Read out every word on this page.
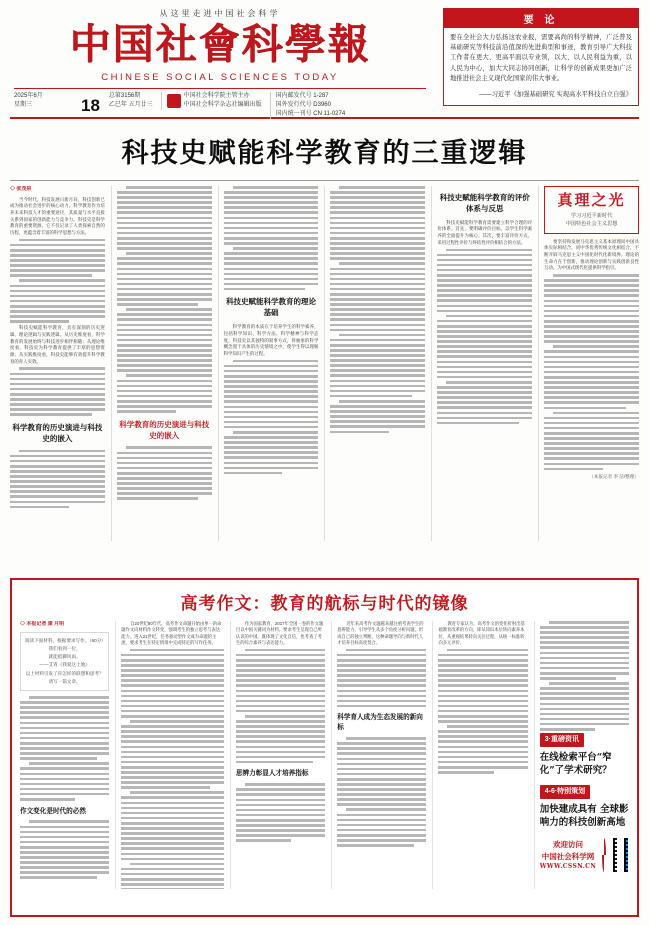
从这里走进中国社会科学
中国社會科學報
CHINESE SOCIAL SCIENCES TODAY
2025年6月
星期三	18	总第3156期
乙巳年 五月廿三
中国社会科学院主管主办
中国社会科学杂志社编辑出版
国内邮发代号 1-287
国外发行代号 D3960
国内统一刊号 CN 11-0274
要 论
要在全社会大力弘扬这农业报，需要高尚的科学精神，广泛普及基础研究等科技前沿值深的先进典型和事迹，教育引导广大科技工作者在更大、更高平面以专业领，以大、以人民利益为重，以人民为中心，加大大同志协同创新，让科学的创新成果更加广泛地推进社会主义现代化国家的伟大事业。
——习近平《加强基础研究 实现高水平科技自立自强》
科技史赋能科学教育的三重逻辑
◇ 张茂泉

当今时代，科技发展日新月异，科技创新已成为推动社会进步的核心动力。科学教育作为培养未来科技人才的重要途径，其质量与水平直接关系到国家的创新能力与竞争力。科技史是科学教育的重要资源，它不仅记录了人类探索自然的历程，更蕴含着丰富的科学思想与方法。

科技史赋能科学教育，具有深刻的历史逻辑、理论逻辑与实践逻辑。从历史维度看，科学教育的发展始终与科技进步相伴相随；从理论维度看，科技史为科学教育提供了丰厚的思想资源；从实践维度看，科技史能够有效提升科学教育的育人实效。

科学教育的历史演进与科技史的嵌入
科学教育的历史演进与科技史的嵌入
科技史赋能科学教育的理论基础

科学教育的本质在于培养学生的科学素养，包括科学知识、科学方法、科学精神与科学态度。科技史以其独特的叙事方式，将抽象的科学概念置于具体的历史情境之中，使学生得以理解科学知识产生的过程。

科技史赋能科学教育的评价体系与反思

科技史赋能科学教育需要建立科学合理的评价体系。首先，要明确评价目标，以学生科学素养的全面提升为核心；其次，要丰富评价方式，采用过程性评价与终结性评价相结合的方法。

真理之光
学习习近平新时代
中国特色社会主义思想

要坚持和发展马克思主义基本原理同中国具体实际相结合、同中华优秀传统文化相结合，不断开辟马克思主义中国化时代化新境界。理论的生命力在于创新，推动理论创新与实践创新良性互动，为中国式现代化提供科学指引。

（本报记者 李 洁/整理）
高考作文：教育的航标与时代的镜像
◇ 本报记者 康 月明
阅读下面材料，根据要求写作。（60分）
我们看到一位，
就能抵御风雨。
——艾青《我爱这土地》
以上材料引发了你怎样的联想和思考？
请写一篇文章。
作文变化是时代的必然

自20世纪80年代，高考作文命题开始由单一的命题作文向材料作文转变，强调考生的独立思考与表达能力。进入21世纪，任务驱动型作文成为命题的主流，要求考生在特定情境中完成特定的写作任务。

作为国家教育，2017年全国一卷的作文题目以中国关键词为材料，要求考生呈现自己所认识的中国，既体现了文化自信，也考查了考生的综合素养与表达能力。

思辨力彰显人才培养指标

近年来高考作文题越来越注重考查学生的思辨能力，引导学生从多个角度分析问题，形成自己的独立判断。这种命题导向与新时代人才培养目标高度契合。

科学育人成为生态发展的新向标

教育专家认为，高考作文的变化折射出基础教育改革的方向，即从知识本位转向素养本位，从重视结果转向关注过程，从统一标准转向多元评价。

3·重磅资讯
在线检索平台“窄化”了学术研究？
4-6·特别策划
加快建成具有 全球影响力的科技创新高地
欢迎访问
中国社会科学网
WWW.CSSN.CN
